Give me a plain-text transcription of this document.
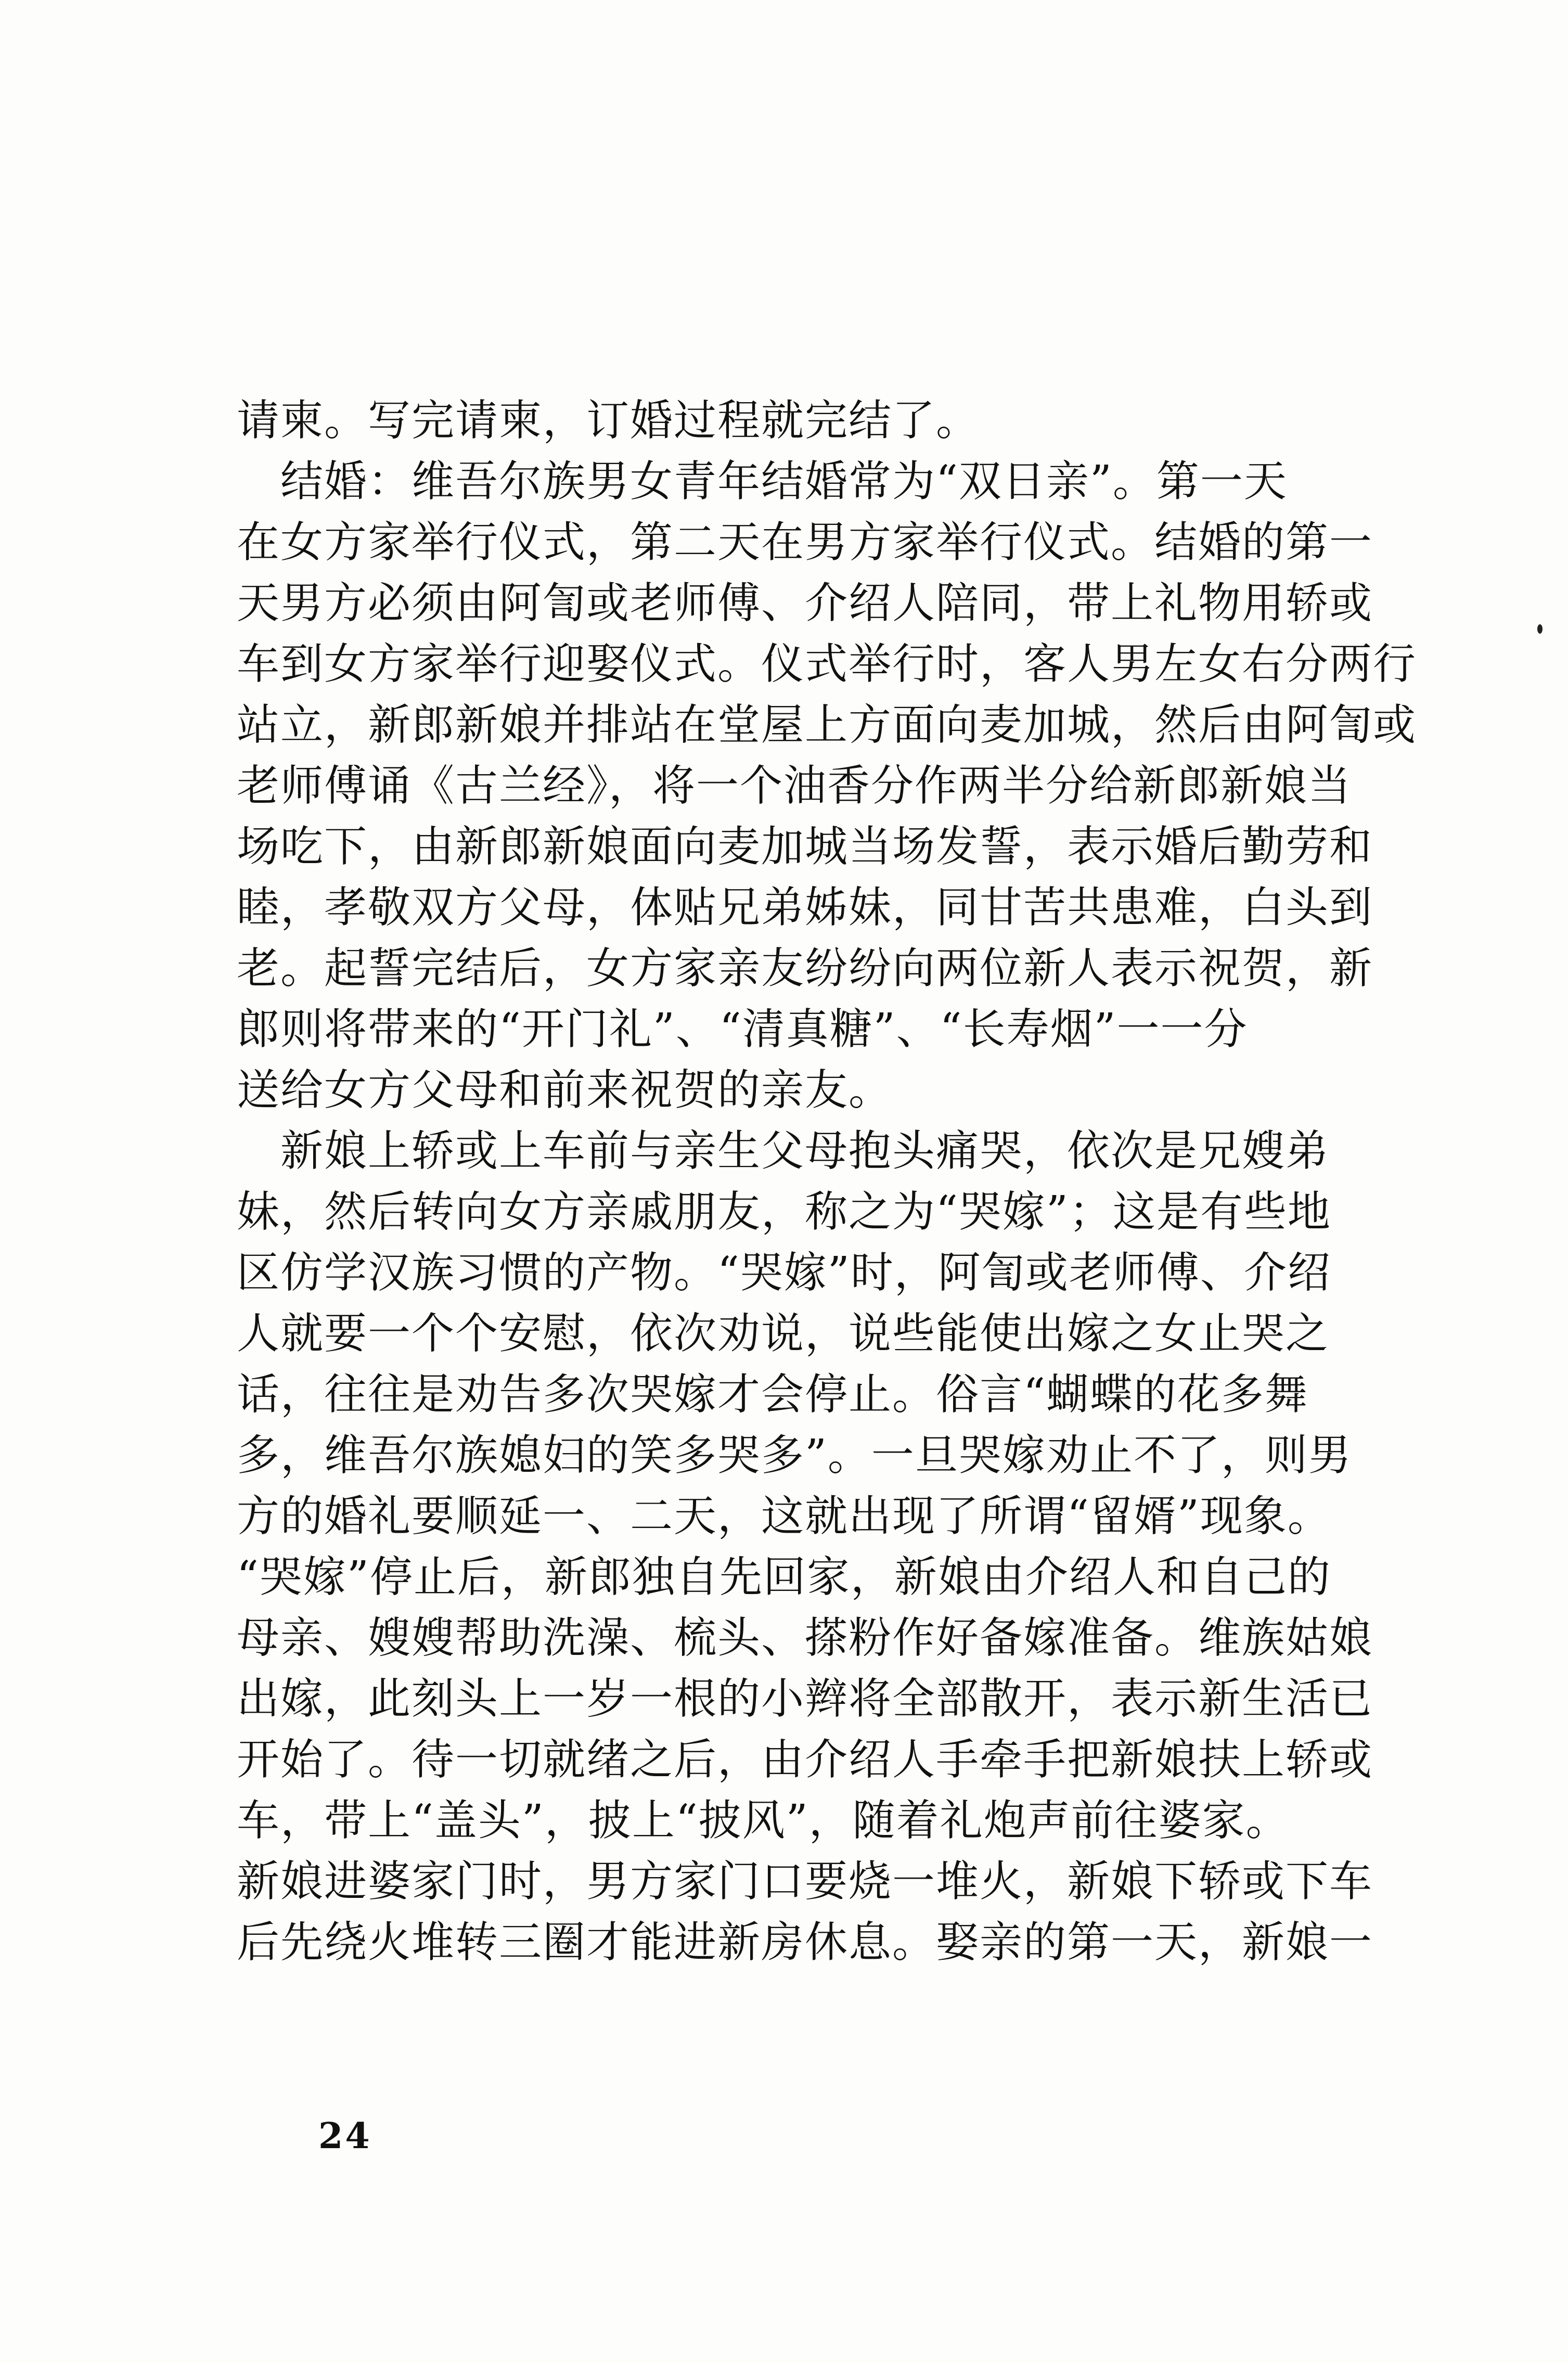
请柬。写完请柬，订婚过程就完结了。
　结婚：维吾尔族男女青年结婚常为“双日亲”。第一天
在女方家举行仪式，第二天在男方家举行仪式。结婚的第一
天男方必须由阿訇或老师傅、介绍人陪同，带上礼物用轿或
车到女方家举行迎娶仪式。仪式举行时，客人男左女右分两行
站立，新郎新娘并排站在堂屋上方面向麦加城，然后由阿訇或
老师傅诵《古兰经》，将一个油香分作两半分给新郎新娘当
场吃下，由新郎新娘面向麦加城当场发誓，表示婚后勤劳和
睦，孝敬双方父母，体贴兄弟姊妹，同甘苦共患难，白头到
老。起誓完结后，女方家亲友纷纷向两位新人表示祝贺，新
郎则将带来的“开门礼”、“清真糖”、“长寿烟”一一分
送给女方父母和前来祝贺的亲友。
　新娘上轿或上车前与亲生父母抱头痛哭，依次是兄嫂弟
妹，然后转向女方亲戚朋友，称之为“哭嫁”；这是有些地
区仿学汉族习惯的产物。“哭嫁”时，阿訇或老师傅、介绍
人就要一个个安慰，依次劝说，说些能使出嫁之女止哭之
话，往往是劝告多次哭嫁才会停止。俗言“蝴蝶的花多舞
多，维吾尔族媳妇的笑多哭多”。一旦哭嫁劝止不了，则男
方的婚礼要顺延一、二天，这就出现了所谓“留婿”现象。
“哭嫁”停止后，新郎独自先回家，新娘由介绍人和自己的
母亲、嫂嫂帮助洗澡、梳头、搽粉作好备嫁准备。维族姑娘
出嫁，此刻头上一岁一根的小辫将全部散开，表示新生活已
开始了。待一切就绪之后，由介绍人手牵手把新娘扶上轿或
车，带上“盖头”，披上“披风”，随着礼炮声前往婆家。
新娘进婆家门时，男方家门口要烧一堆火，新娘下轿或下车
后先绕火堆转三圈才能进新房休息。娶亲的第一天，新娘一
24
